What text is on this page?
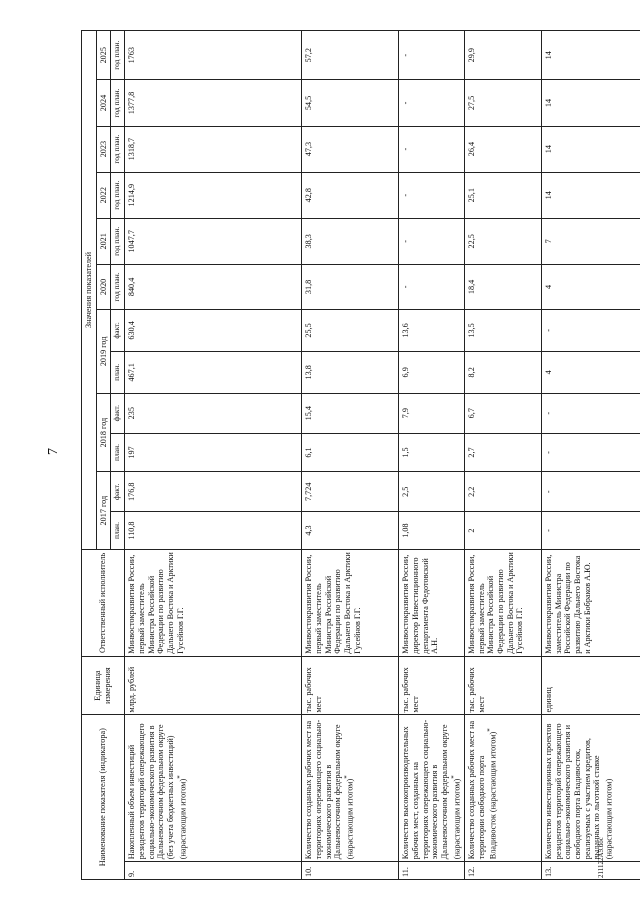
7
211122A5.doc
Наименование показателя (индикатора)		Единица измерения	Ответственный исполнитель	Значения показателей											
				2017 год		2018 год		2019 год		2020	2021	2022	2023	2024	2025
				план.	факт.	план.	факт.	план.	факт.	год план.	год план.	год план.	год план.	год план.	год план.
9.	Накопленный объем инвестиций резидентов территорий опережающего социально-экономического развития в Дальневосточном федеральном округе (без учета бюджетных инвестиций) (нарастающим итогом)*	млрд. рублей	Минвостокразвития России, первый заместитель Министра Российской Федерации по развитию Дальнего Востока и Арктики Гусейнов Г.Г.	110,8	176,8	197	235	467,1	630,4	840,4	1047,7	1214,9	1318,7	1377,8	1763
10.	Количество созданных рабочих мест на территориях опережающего социально-экономического развития в Дальневосточном федеральном округе (нарастающим итогом)*	тыс. рабочих мест	Минвостокразвития России, первый заместитель Министра Российской Федерации по развитию Дальнего Востока и Арктики Гусейнов Г.Г.	4,3	7,724	6,1	15,4	13,8	25,5	31,8	38,3	42,8	47,3	54,5	57,2
11.	Количество высокопроизводительных рабочих мест, созданных на территориях опережающего социально-экономического развития в Дальневосточном федеральном округе (нарастающим итогом)*	тыс. рабочих мест	Минвостокразвития России, директор Инвестиционного департамента Федотовский А.Н.	1,08	2,5	1,5	7,9	6,9	13,6	-	-	-	-	-	-
12.	Количество созданных рабочих мест на территории свободного порта Владивосток (нарастающим итогом)*	тыс. рабочих мест	Минвостокразвития России, первый заместитель Министра Российской Федерации по развитию Дальнего Востока и Арктики Гусейнов Г.Г.	2	2,2	2,7	6,7	8,2	13,5	18,4	22,5	25,1	26,4	27,5	29,9
13.	Количество инвестиционных проектов резидентов территорий опережающего социально-экономического развития и свободного порта Владивосток, реализуемых с участием кредитов, выданных по льготной ставке (нарастающим итогом)	единиц	Минвостокразвития России, заместитель Министра Российской Федерации по развитию Дальнего Востока и Арктики Бобраков А.Ю.	-	-	-	-	4	-	4	7	14	14	14	14
